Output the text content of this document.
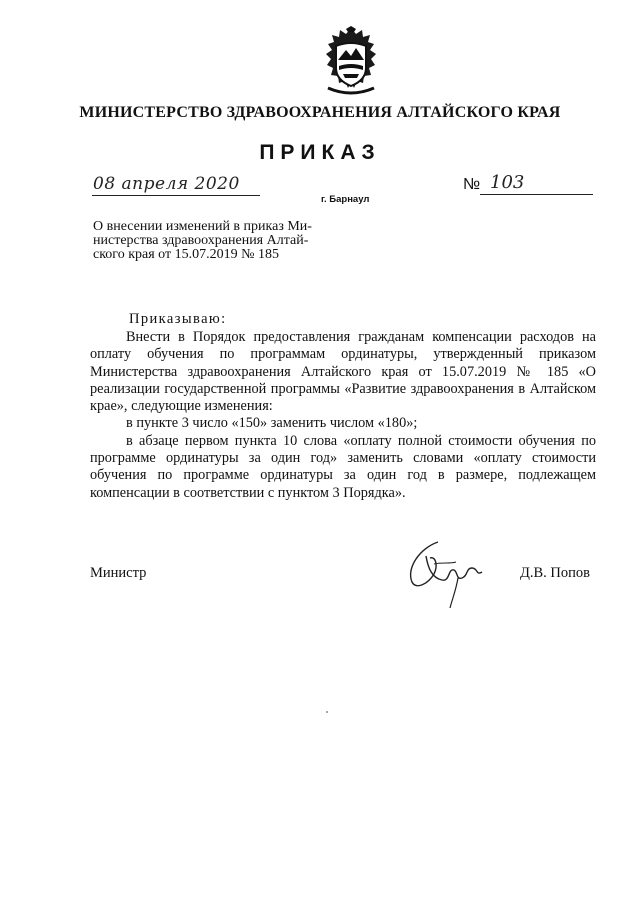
МИНИСТЕРСТВО ЗДРАВООХРАНЕНИЯ АЛТАЙСКОГО КРАЯ
ПРИКАЗ
08 апреля 2020
г. Барнаул
№ 103
О внесении изменений в приказ Ми-
нистерства здравоохранения Алтай-
ского края от 15.07.2019 № 185
Приказываю:

Внести в Порядок предоставления гражданам компенсации расходов на оплату обучения по программам ординатуры, утвержденный приказом Министерства здравоохранения Алтайского края от 15.07.2019 № 185 «О реализации государственной программы «Развитие здравоохранения в Алтайском крае», следующие изменения:

в пункте 3 число «150» заменить числом «180»;

в абзаце первом пункта 10 слова «оплату полной стоимости обучения по программе ординатуры за один год» заменить словами «оплату стоимости обучения по программе ординатуры за один год в размере, подлежащем компенсации в соответствии с пунктом 3 Порядка».

Министр	Д.В. Попов
